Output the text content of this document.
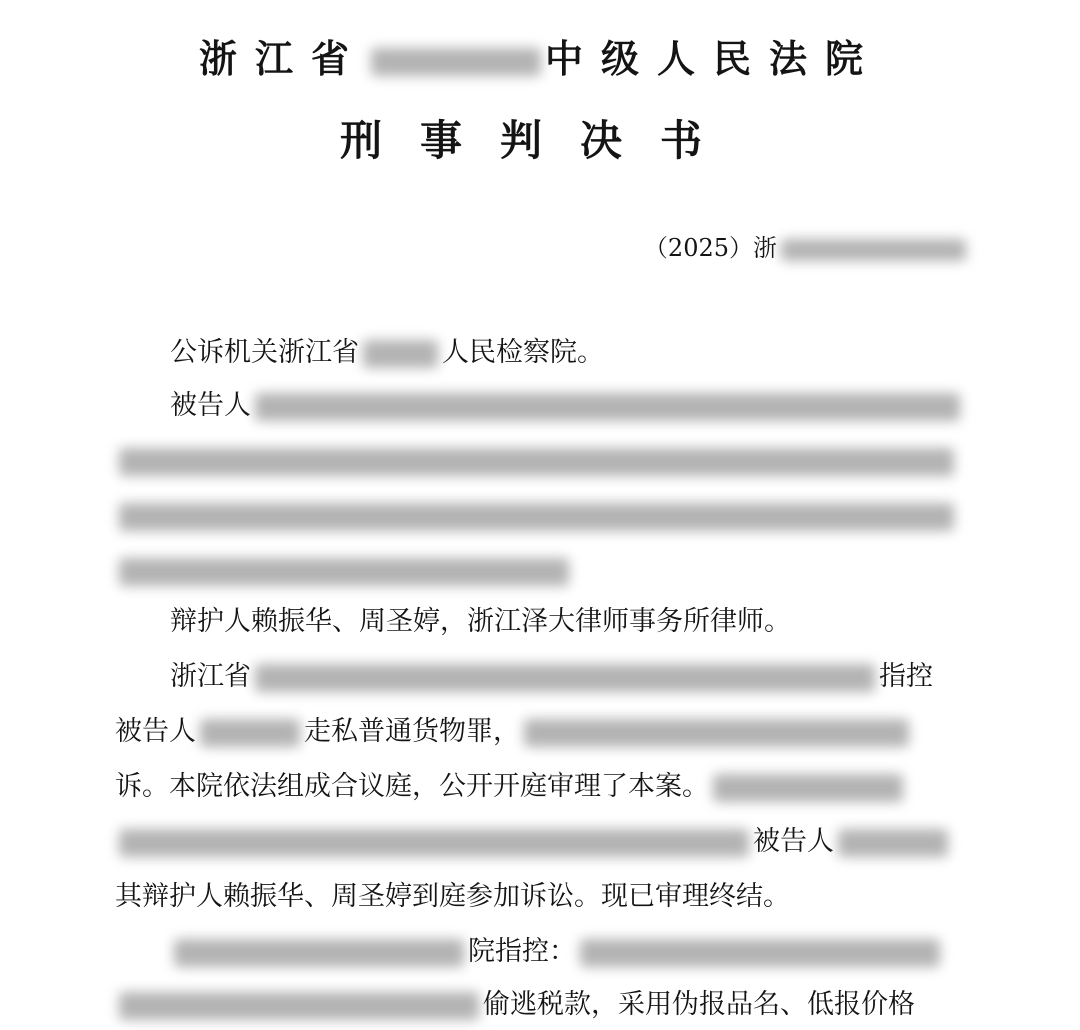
浙江省	中级人民法院
刑事判决书
（2025）浙
公诉机关浙江省	人民检察院。
被告人
辩护人赖振华、周圣婷，浙江泽大律师事务所律师。
浙江省	指控
被告人	走私普通货物罪，
诉。本院依法组成合议庭，公开开庭审理了本案。
被告人
其辩护人赖振华、周圣婷到庭参加诉讼。现已审理终结。
院指控：
偷逃税款，采用伪报品名、低报价格
